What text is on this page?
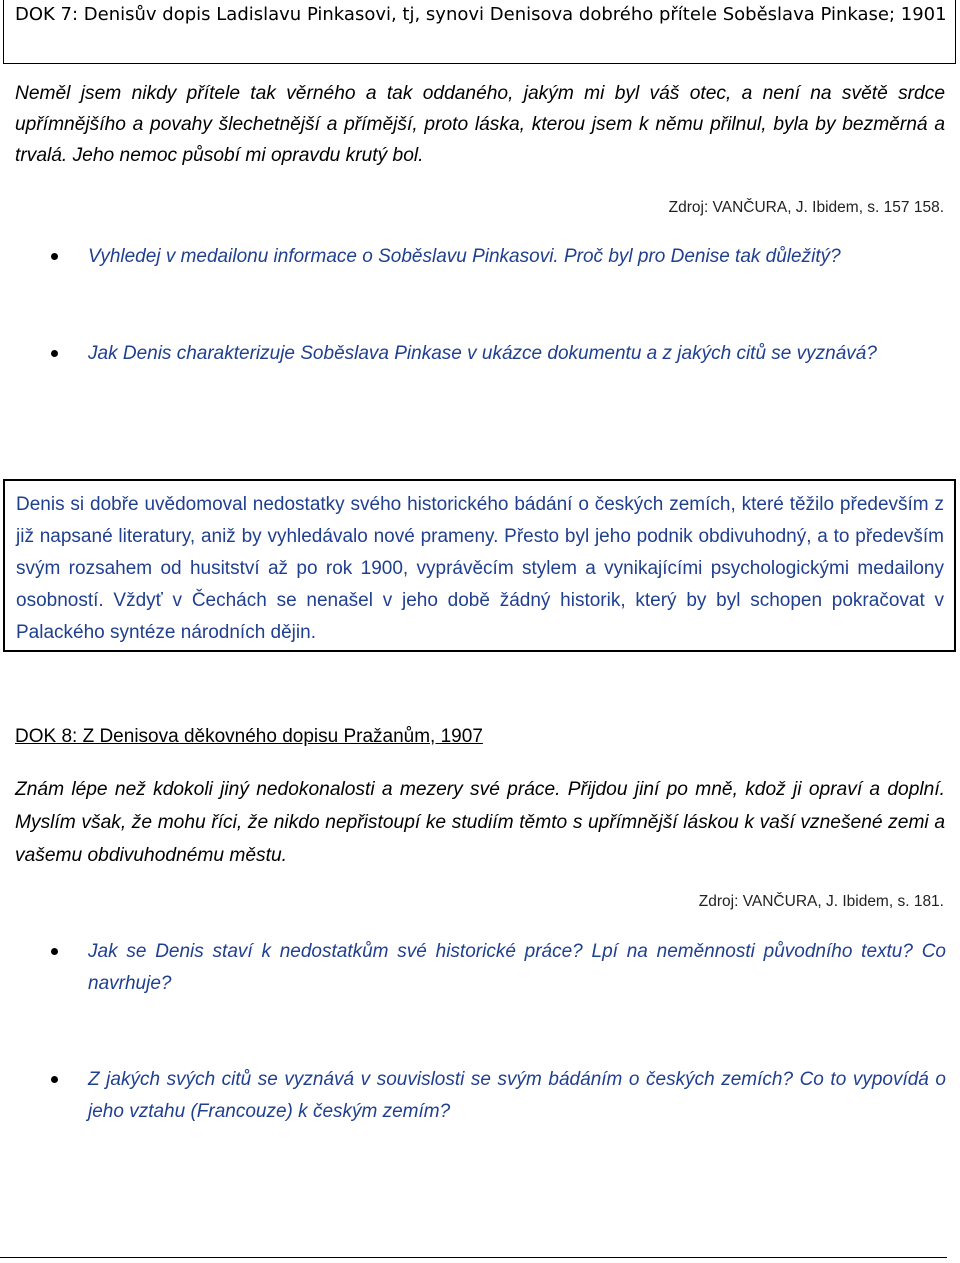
DOK 7: Denisův dopis Ladislavu Pinkasovi, tj, synovi Denisova dobrého přítele Soběslava Pinkase; 1901

Neměl jsem nikdy přítele tak věrného a tak oddaného, jakým mi byl váš otec, a není na světě srdce upřímnějšího a povahy šlechetnější a přímější, proto láska, kterou jsem k němu přilnul, byla by bezměrná a trvalá. Jeho nemoc působí mi opravdu krutý bol.

Zdroj: VANČURA, J. Ibidem, s. 157 158.

Vyhledej v medailonu informace o Soběslavu Pinkasovi. Proč byl pro Denise tak důležitý?

Jak Denis charakterizuje Soběslava Pinkase v ukázce dokumentu a z jakých citů se vyznává?

Denis si dobře uvědomoval nedostatky svého historického bádání o českých zemích, které těžilo především z již napsané literatury, aniž by vyhledávalo nové prameny. Přesto byl jeho podnik obdivuhodný, a to především svým rozsahem od husitství až po rok 1900, vyprávěcím stylem a vynikajícími psychologickými medailony osobností. Vždyť v Čechách se nenašel v jeho době žádný historik, který by byl schopen pokračovat v Palackého syntéze národních dějin.

DOK 8: Z Denisova děkovného dopisu Pražanům, 1907

Znám lépe než kdokoli jiný nedokonalosti a mezery své práce. Přijdou jiní po mně, kdož ji opraví a doplní. Myslím však, že mohu říci, že nikdo nepřistoupí ke studiím těmto s upřímnější láskou k vaší vznešené zemi a vašemu obdivuhodnému městu.

Zdroj: VANČURA, J. Ibidem, s. 181.

Jak se Denis staví k nedostatkům své historické práce? Lpí na neměnnosti původního textu? Co navrhuje?

Z jakých svých citů se vyznává v souvislosti se svým bádáním o českých zemích? Co to vypovídá o jeho vztahu (Francouze) k českým zemím?
